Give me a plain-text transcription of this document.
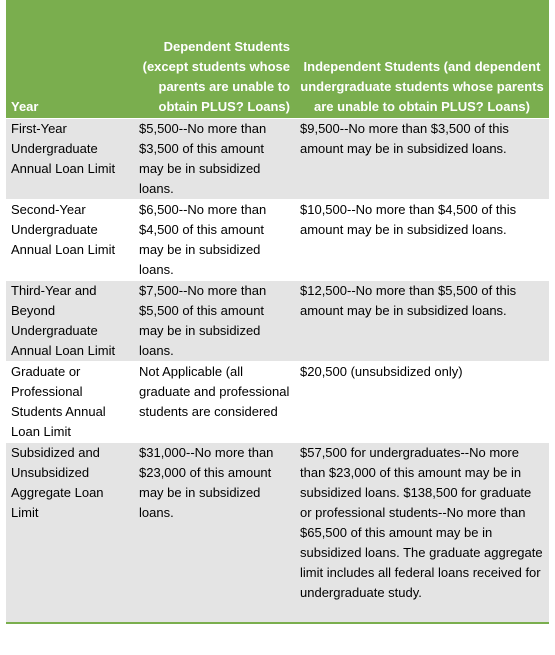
Year	Dependent Students (except students whose parents are unable to obtain PLUS? Loans)	Independent Students (and dependent undergraduate students whose parents are unable to obtain PLUS? Loans)
First-Year Undergraduate Annual Loan Limit	$5,500--No more than $3,500 of this amount may be in subsidized loans.	$9,500--No more than $3,500 of this amount may be in subsidized loans.
Second-Year Undergraduate Annual Loan Limit	$6,500--No more than $4,500 of this amount may be in subsidized loans.	$10,500--No more than $4,500 of this amount may be in subsidized loans.
Third-Year and Beyond Undergraduate Annual Loan Limit	$7,500--No more than $5,500 of this amount may be in subsidized loans.	$12,500--No more than $5,500 of this amount may be in subsidized loans.
Graduate or Professional Students Annual Loan Limit	Not Applicable (all graduate and professional students are considered	$20,500 (unsubsidized only)
Subsidized and Unsubsidized Aggregate Loan Limit	$31,000--No more than $23,000 of this amount may be in subsidized loans.	$57,500 for undergraduates--No more than $23,000 of this amount may be in subsidized loans. $138,500 for graduate or professional students--No more than $65,500 of this amount may be in subsidized loans. The graduate aggregate limit includes all federal loans received for undergraduate study.
